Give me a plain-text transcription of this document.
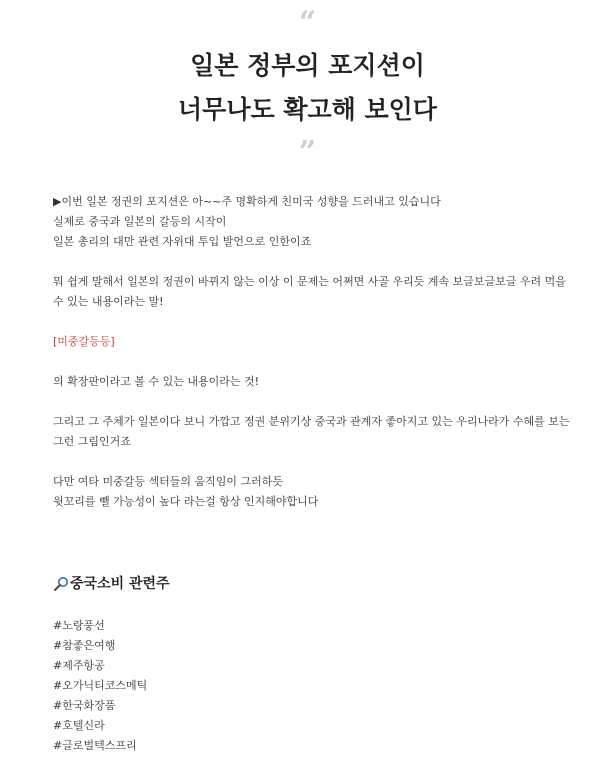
“
일본 정부의 포지션이
너무나도 확고해 보인다
”

▶이번 일본 정권의 포지션은 아~~주 명확하게 친미국 성향을 드러내고 있습니다

실제로 중국과 일본의 갈등의 시작이

일본 총리의 대만 관련 자위대 투입 발언으로 인한이죠

뭐 쉽게 말해서 일본의 정권이 바뀌지 않는 이상 이 문제는 어쩌면 사골 우리듯 계속 보글보글보글 우려 먹을 수 있는 내용이라는 말!

[미중갈등등]

의 확장판이라고 볼 수 있는 내용이라는 것!

그리고 그 주체가 일본이다 보니 가깝고 정권 분위기상 중국과 관계자 좋아지고 있는 우리나라가 수혜를 보는 그런 그림인거죠

다만 여타 미중갈등 섹터들의 움직임이 그러하듯

윗꼬리를 뺄 가능성이 높다 라는걸 항상 인지해야합니다

중국소비 관련주

#노랑풍선

#참좋은여행

#제주항공

#오가닉티코스메틱

#한국화장품

#호텔신라

#글로벌텍스프리
